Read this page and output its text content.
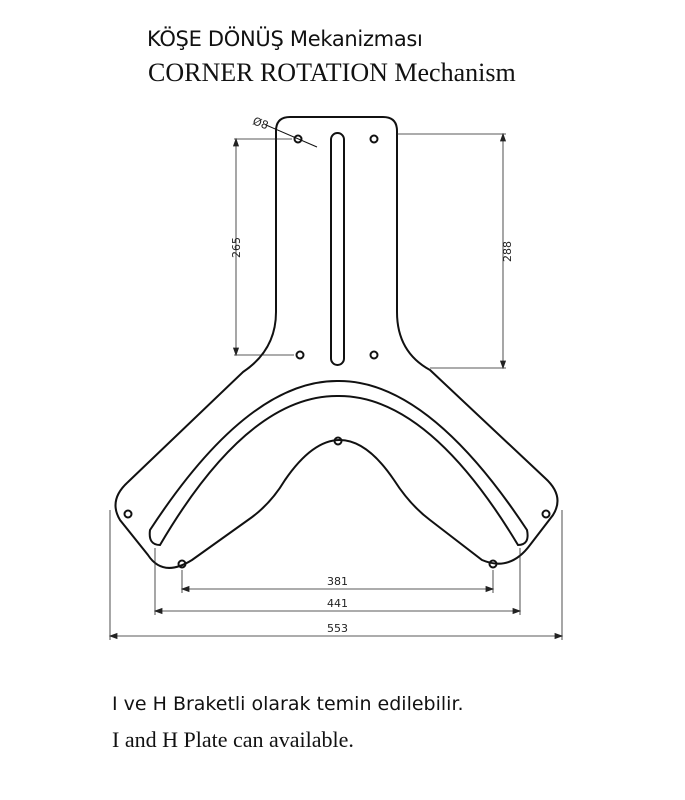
KÖŞE DÖNÜŞ Mekanizması
CORNER ROTATION Mechanism
Ø8
265	288
381
441
553
I ve H Braketli olarak temin edilebilir.
I and H Plate can available.
